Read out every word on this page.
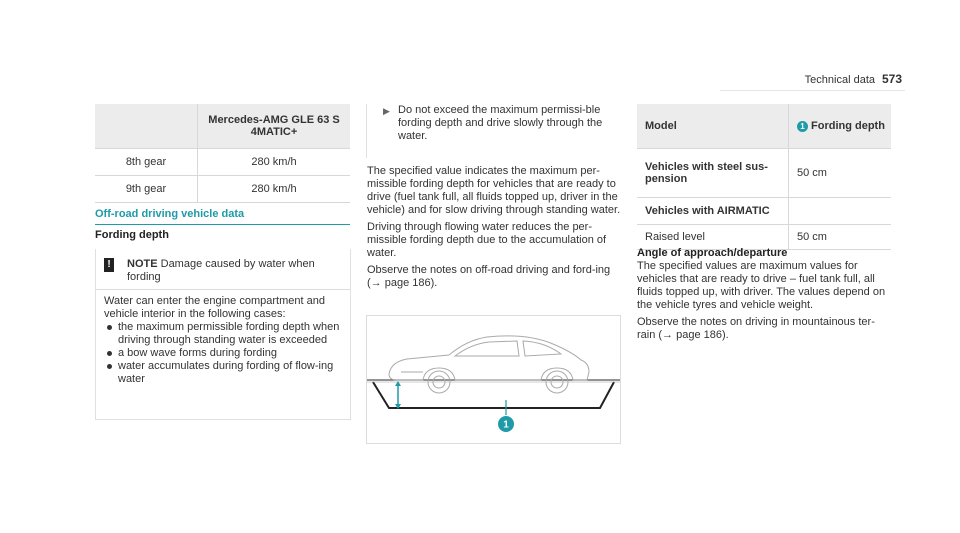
Technical data 573
	Mercedes-AMG GLE 63 S 4MATIC+
8th gear	280 km/h
9th gear	280 km/h
Off-road driving vehicle data
Fording depth
!	NOTE Damage caused by water when fording
Water can enter the engine compartment and vehicle interior in the following cases:
the maximum permissible fording depth when driving through standing water is exceeded
a bow wave forms during fording
water accumulates during fording of flow-ing water
▶ Do not exceed the maximum permissi-ble fording depth and drive slowly through the water.

The specified value indicates the maximum per-missible fording depth for vehicles that are ready to drive (fuel tank full, all fluids topped up, driver in the vehicle) and for slow driving through standing water.

Driving through flowing water reduces the per-missible fording depth due to the accumulation of water.

Observe the notes on off-road driving and ford-ing (→ page 186).

1
Model	1 Fording depth
Vehicles with steel sus-pension	50 cm
Vehicles with AIRMATIC	
Raised level	50 cm
Angle of approach/departure

The specified values are maximum values for vehicles that are ready to drive – fuel tank full, all fluids topped up, with driver. The values depend on the vehicle tyres and vehicle weight.

Observe the notes on driving in mountainous ter-rain (→ page 186).
